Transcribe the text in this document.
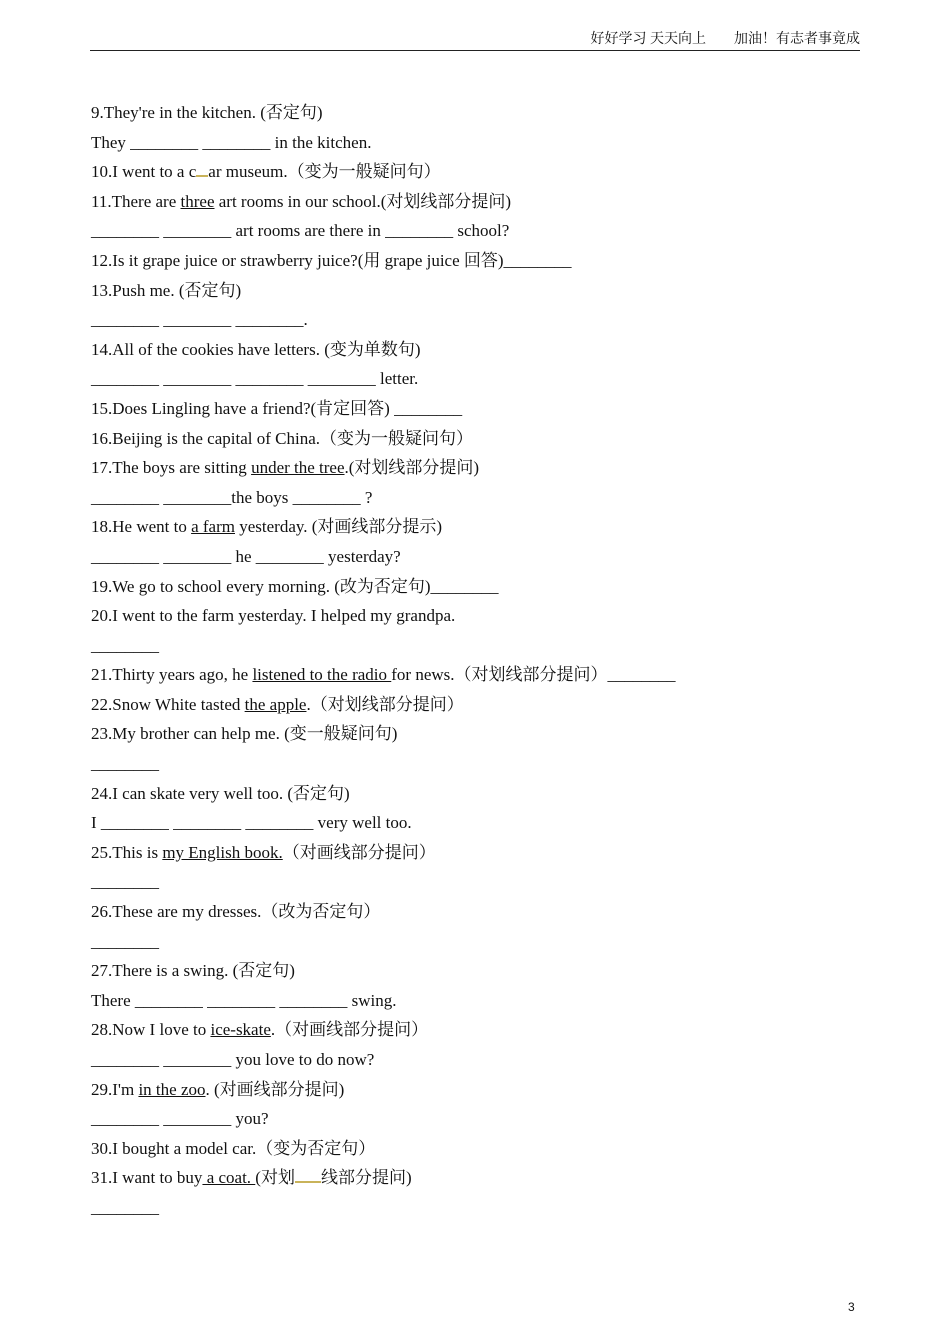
好好学习 天天向上        加油！有志者事竟成
9.They're in the kitchen. (否定句)
They ________ ________ in the kitchen.
10.I went to a c ar museum.（变为一般疑问句）
11.There are three art rooms in our school.(对划线部分提问)
________ ________ art rooms are there in ________ school?
12.Is it grape juice or strawberry juice?(用 grape juice 回答)________
13.Push me. (否定句)
________ ________ ________.
14.All of the cookies have letters. (变为单数句)
________ ________ ________ ________ letter.
15.Does Lingling have a friend?(肯定回答) ________
16.Beijing is the capital of China.（变为一般疑问句）
17.The boys are sitting under the tree.(对划线部分提问)
________ ________the boys ________ ?
18.He went to a farm yesterday. (对画线部分提示)
________ ________ he ________ yesterday?
19.We go to school every morning. (改为否定句)________
20.I went to the farm yesterday. I helped my grandpa.
________
21.Thirty years ago, he listened to the radio for news.（对划线部分提问）________
22.Snow White tasted the apple.（对划线部分提问）
23.My brother can help me. (变一般疑问句)
________
24.I can skate very well too. (否定句)
I ________ ________ ________ very well too.
25.This is my English book.（对画线部分提问）
________
26.These are my dresses.（改为否定句）
________
27.There is a swing. (否定句)
There ________ ________ ________ swing.
28.Now I love to ice-skate.（对画线部分提问）
________ ________ you love to do now?
29.I'm in the zoo. (对画线部分提问)
________ ________ you?
30.I bought a model car.（变为否定句）
31.I want to buy a coat. (对划 线部分提问)
________
3
